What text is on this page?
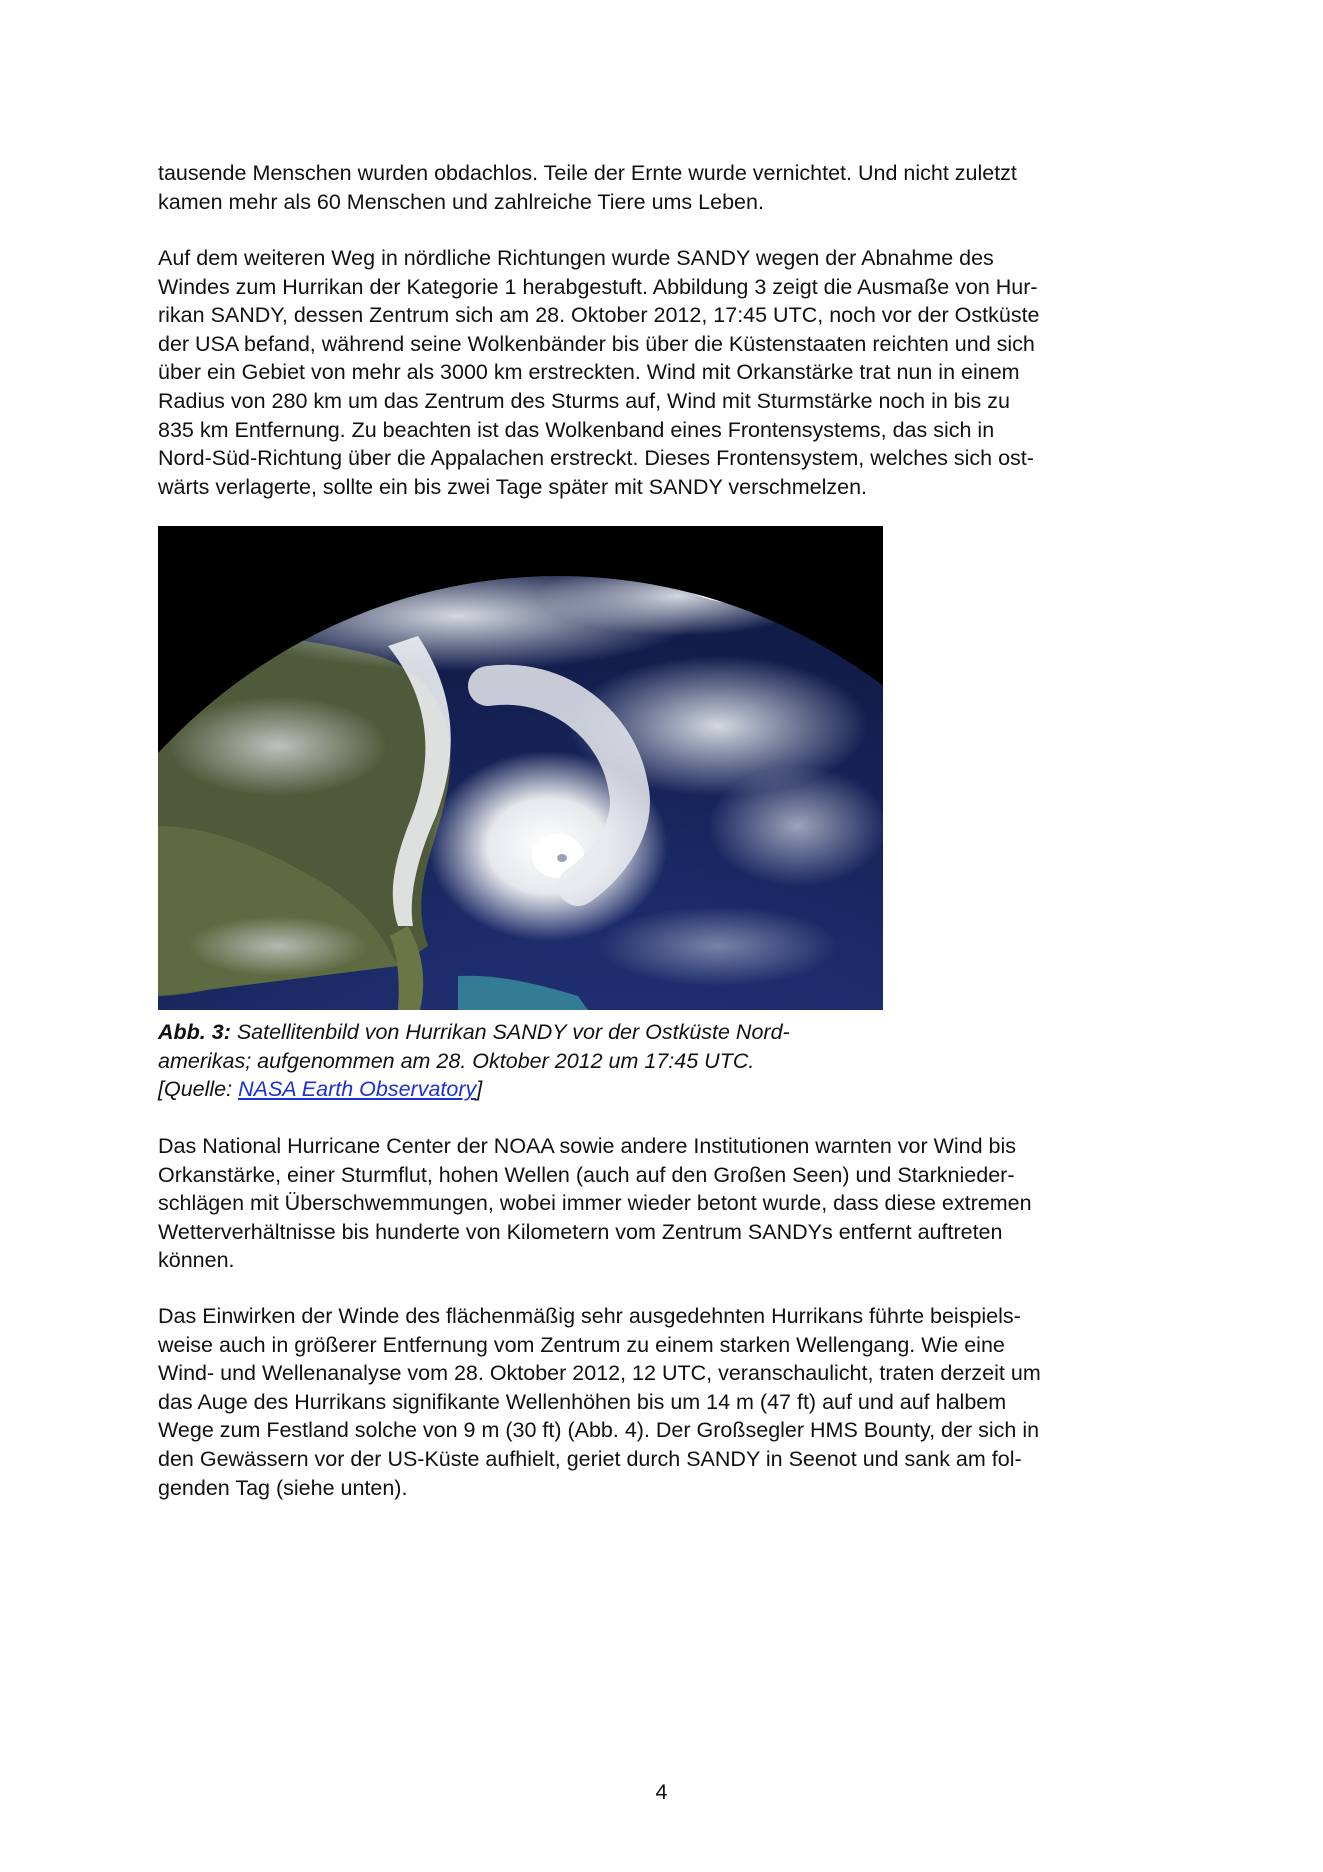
tausende Menschen wurden obdachlos. Teile der Ernte wurde vernichtet. Und nicht zuletzt
kamen mehr als 60 Menschen und zahlreiche Tiere ums Leben.

Auf dem weiteren Weg in nördliche Richtungen wurde SANDY wegen der Abnahme des
Windes zum Hurrikan der Kategorie 1 herabgestuft. Abbildung 3 zeigt die Ausmaße von Hur-
rikan SANDY, dessen Zentrum sich am 28. Oktober 2012, 17:45 UTC, noch vor der Ostküste
der USA befand, während seine Wolkenbänder bis über die Küstenstaaten reichten und sich
über ein Gebiet von mehr als 3000 km erstreckten. Wind mit Orkanstärke trat nun in einem
Radius von 280 km um das Zentrum des Sturms auf, Wind mit Sturmstärke noch in bis zu
835 km Entfernung. Zu beachten ist das Wolkenband eines Frontensystems, das sich in
Nord-Süd-Richtung über die Appalachen erstreckt. Dieses Frontensystem, welches sich ost-
wärts verlagerte, sollte ein bis zwei Tage später mit SANDY verschmelzen.

Abb. 3: Satellitenbild von Hurrikan SANDY vor der Ostküste Nord-
amerikas; aufgenommen am 28. Oktober 2012 um 17:45 UTC.
[Quelle: NASA Earth Observatory]

Das National Hurricane Center der NOAA sowie andere Institutionen warnten vor Wind bis
Orkanstärke, einer Sturmflut, hohen Wellen (auch auf den Großen Seen) und Starknieder-
schlägen mit Überschwemmungen, wobei immer wieder betont wurde, dass diese extremen
Wetterverhältnisse bis hunderte von Kilometern vom Zentrum SANDYs entfernt auftreten
können.

Das Einwirken der Winde des flächenmäßig sehr ausgedehnten Hurrikans führte beispiels-
weise auch in größerer Entfernung vom Zentrum zu einem starken Wellengang. Wie eine
Wind- und Wellenanalyse vom 28. Oktober 2012, 12 UTC, veranschaulicht, traten derzeit um
das Auge des Hurrikans signifikante Wellenhöhen bis um 14 m (47 ft) auf und auf halbem
Wege zum Festland solche von 9 m (30 ft) (Abb. 4). Der Großsegler HMS Bounty, der sich in
den Gewässern vor der US-Küste aufhielt, geriet durch SANDY in Seenot und sank am fol-
genden Tag (siehe unten).

4
